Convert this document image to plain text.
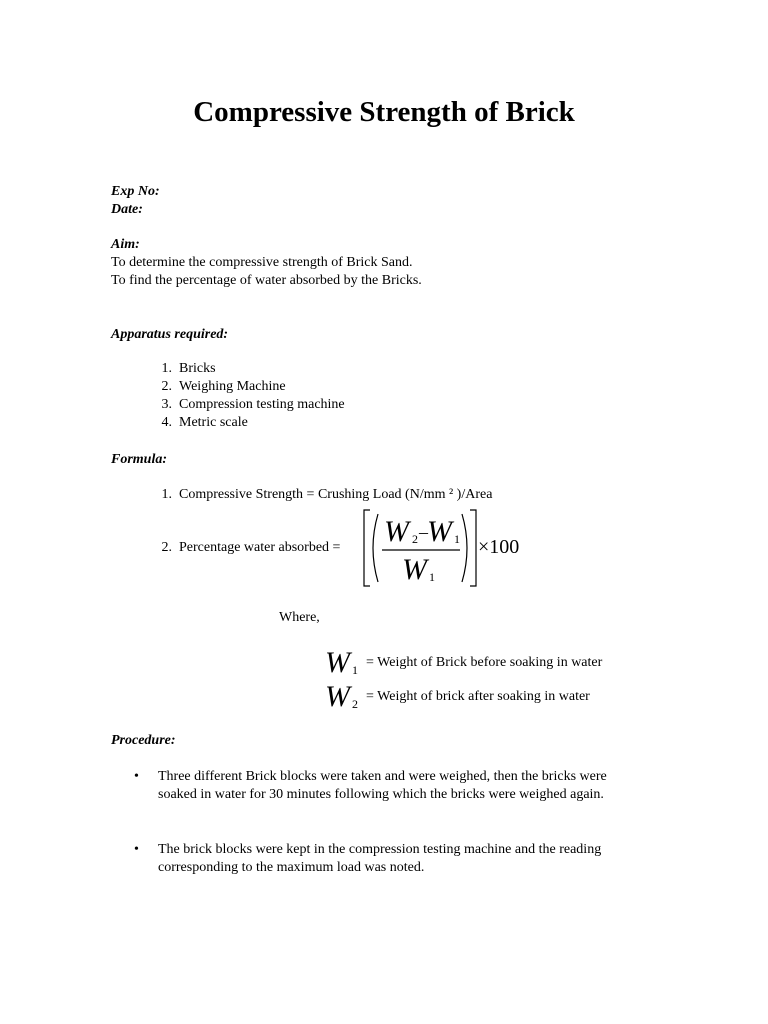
Compressive Strength of Brick
Exp No:
Date:
Aim:
To determine the compressive strength of Brick Sand.
To find the percentage of water absorbed by the Bricks.
Apparatus required:
1. Bricks
2. Weighing Machine
3. Compression testing machine
4. Metric scale
Formula:
1. Compressive Strength = Crushing Load (N/mm ² )/Area
2. Percentage water absorbed = W 2 – W 1
W 1
×100
Where,
W 1 = Weight of Brick before soaking in water
W 2 = Weight of brick after soaking in water
Procedure:
•	Three different Brick blocks were taken and were weighed, then the bricks were
soaked in water for 30 minutes following which the bricks were weighed again.
•	The brick blocks were kept in the compression testing machine and the reading
corresponding to the maximum load was noted.
